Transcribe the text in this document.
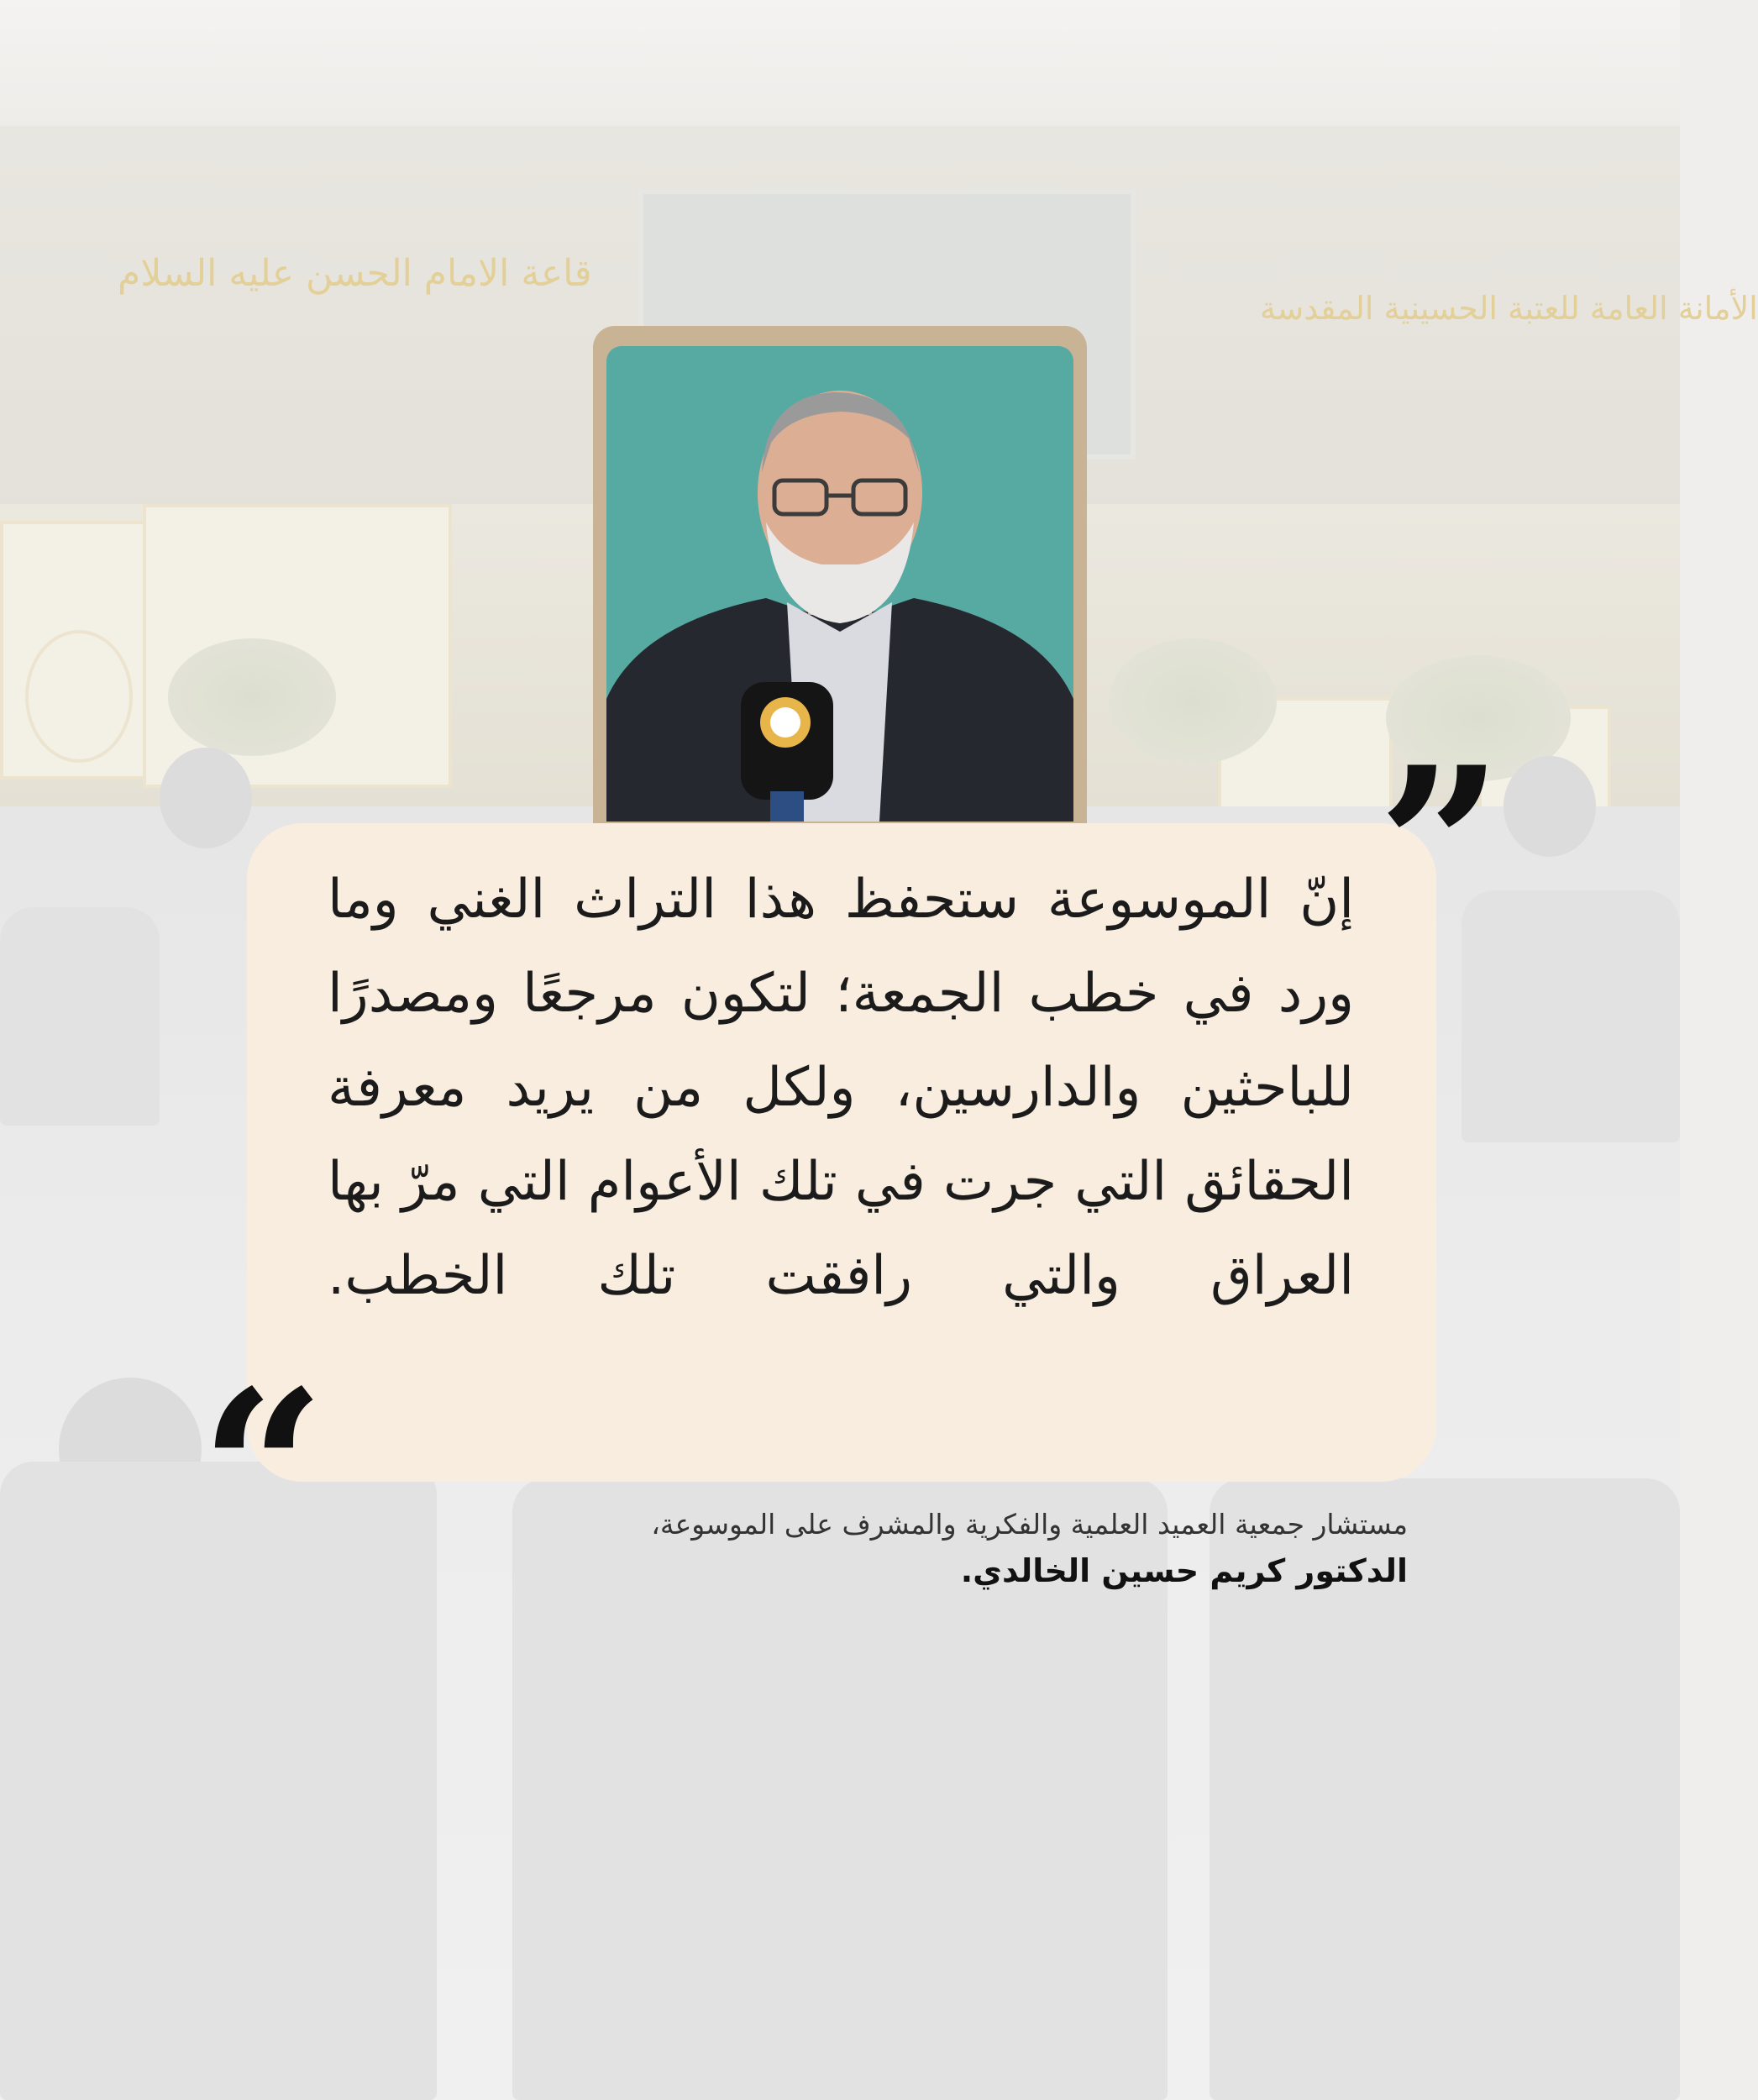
قاعة الامام الحسن عليه السلام
الأمانة العامة للعتبة الحسينية المقدسة
”
إنّ الموسوعة ستحفظ هذا التراث الغني وما ورد في خطب الجمعة؛ لتكون مرجعًا ومصدرًا للباحثين والدارسين، ولكل من يريد معرفة الحقائق التي جرت في تلك الأعوام التي مرّ بها العراق والتي رافقت تلك الخطب.
“	مستشار جمعية العميد العلمية والفكرية والمشرف على الموسوعة،
الدكتور كريم حسين الخالدي.
